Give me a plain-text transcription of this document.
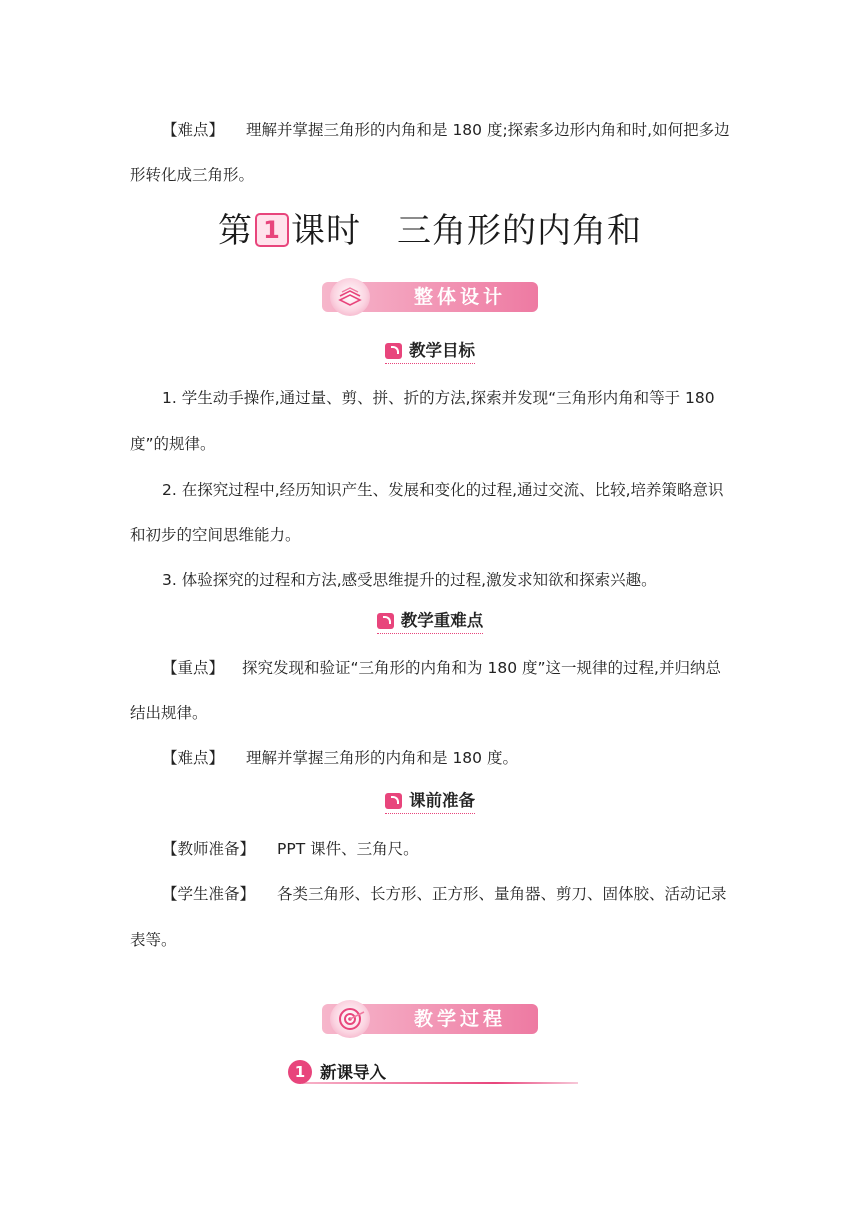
【难点】 理解并掌握三角形的内角和是 180 度;探索多边形内角和时,如何把多边
形转化成三角形。
第 1 课时 三角形的内角和
整体设计
教学目标
1. 学生动手操作,通过量、剪、拼、折的方法,探索并发现“三角形内角和等于 180
度”的规律。
2. 在探究过程中,经历知识产生、发展和变化的过程,通过交流、比较,培养策略意识
和初步的空间思维能力。
3. 体验探究的过程和方法,感受思维提升的过程,激发求知欲和探索兴趣。
教学重难点
【重点】 探究发现和验证“三角形的内角和为 180 度”这一规律的过程,并归纳总
结出规律。
【难点】 理解并掌握三角形的内角和是 180 度。
课前准备
【教师准备】 PPT 课件、三角尺。
【学生准备】 各类三角形、长方形、正方形、量角器、剪刀、固体胶、活动记录
表等。
教学过程
1 新课导入
